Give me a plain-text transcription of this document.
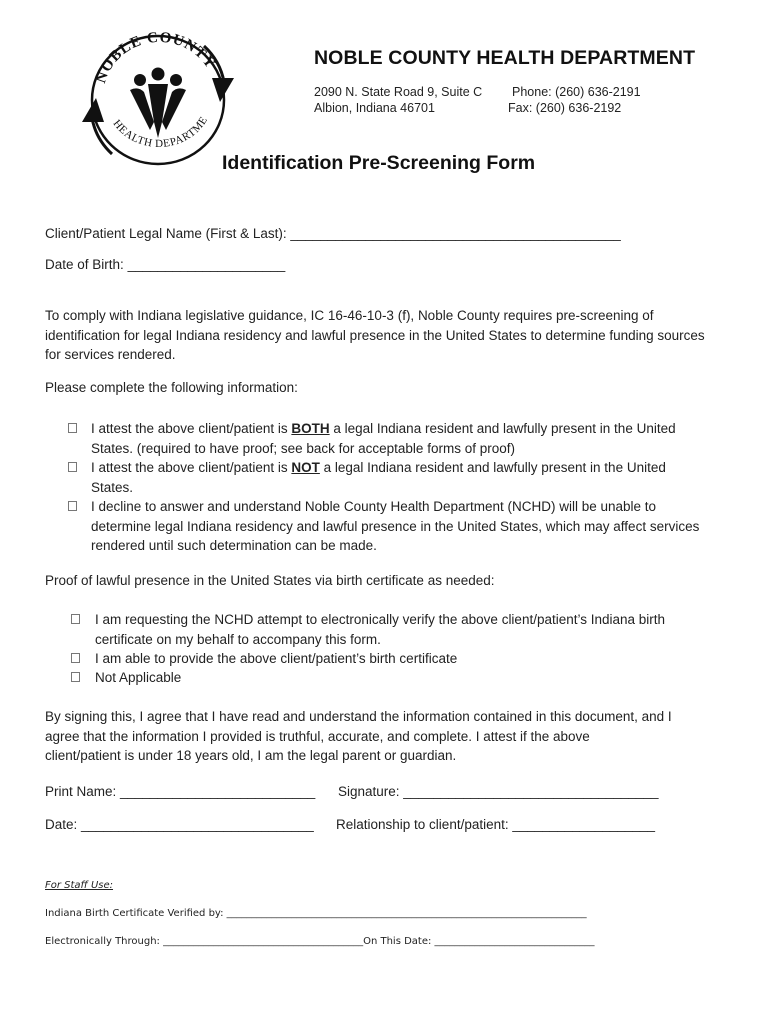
NOBLE COUNTY
HEALTH DEPARTME
NOBLE COUNTY HEALTH DEPARTMENT
2090 N. State Road 9, Suite C
Albion, Indiana 46701
Phone: (260) 636-2191
Fax: (260) 636-2192
Identification Pre-Screening Form
Client/Patient Legal Name (First & Last): ____________________________________________
Date of Birth: _____________________
To comply with Indiana legislative guidance, IC 16-46-10-3 (f), Noble County requires pre-screening of
identification for legal Indiana residency and lawful presence in the United States to determine funding sources
for services rendered.
Please complete the following information:
I attest the above client/patient is BOTH a legal Indiana resident and lawfully present in the United
States. (required to have proof; see back for acceptable forms of proof)
I attest the above client/patient is NOT a legal Indiana resident and lawfully present in the United
States.
I decline to answer and understand Noble County Health Department (NCHD) will be unable to
determine legal Indiana residency and lawful presence in the United States, which may affect services
rendered until such determination can be made.
Proof of lawful presence in the United States via birth certificate as needed:
I am requesting the NCHD attempt to electronically verify the above client/patient’s Indiana birth
certificate on my behalf to accompany this form.
I am able to provide the above client/patient’s birth certificate
Not Applicable
By signing this, I agree that I have read and understand the information contained in this document, and I
agree that the information I provided is truthful, accurate, and complete. I attest if the above
client/patient is under 18 years old, I am the legal parent or guardian.
Print Name: __________________________ Signature: __________________________________
Date: _______________________________ Relationship to client/patient: ___________________
For Staff Use:
Indiana Birth Certificate Verified by: ________________________________________________________________________
Electronically Through: ________________________________________On This Date: ________________________________
